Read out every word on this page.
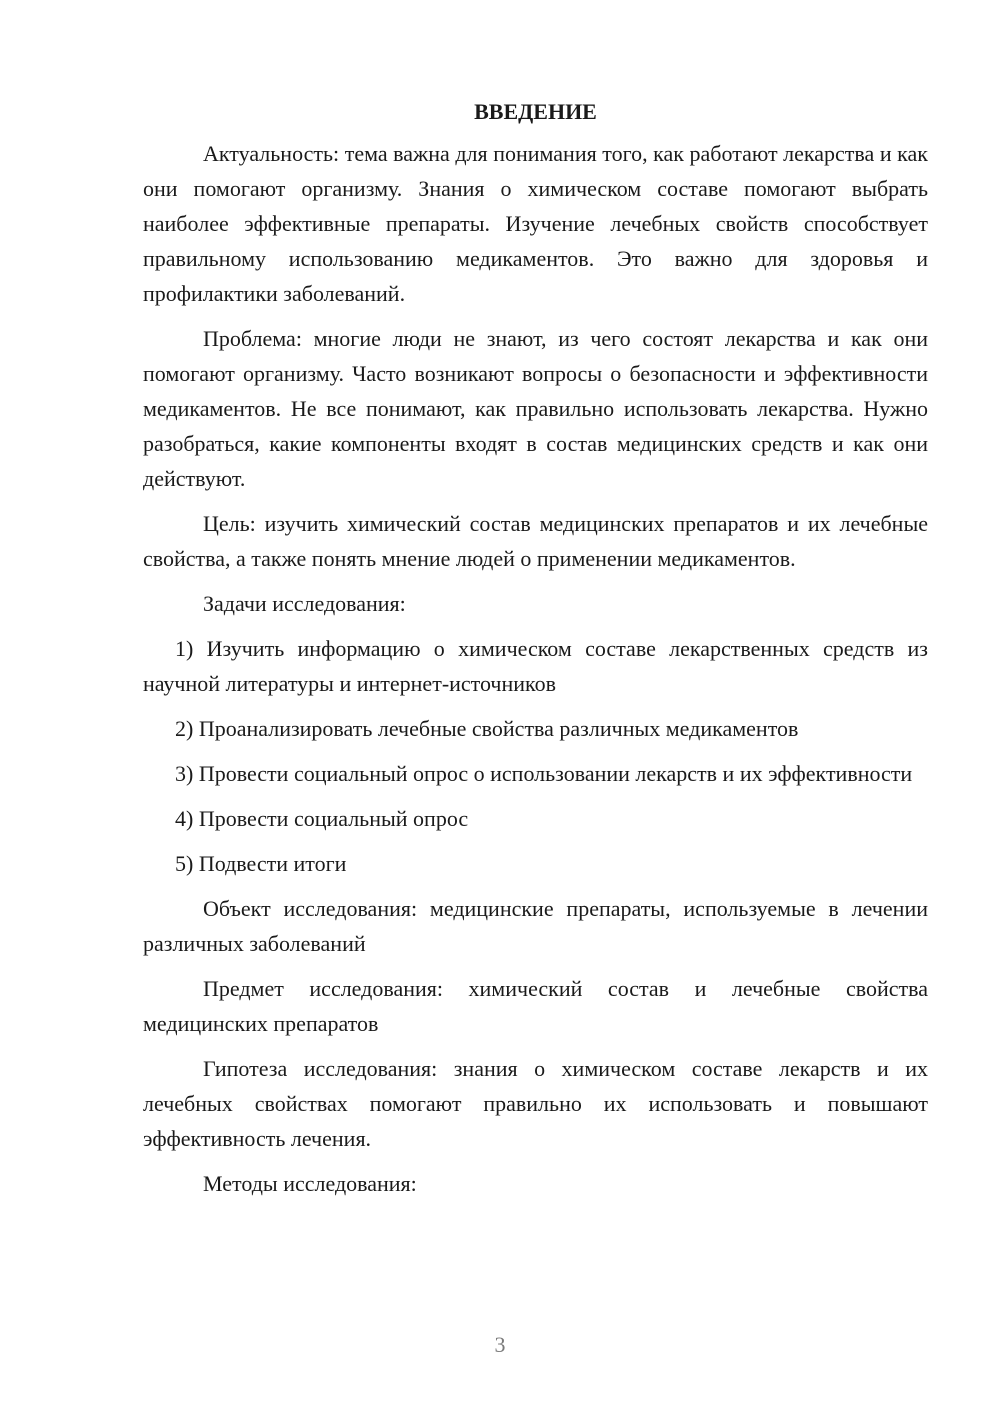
ВВЕДЕНИЕ

Актуальность: тема важна для понимания того, как работают лекарства и как они помогают организму. Знания о химическом составе помогают выбрать наиболее эффективные препараты. Изучение лечебных свойств способствует правильному использованию медикаментов. Это важно для здоровья и профилактики заболеваний.

Проблема: многие люди не знают, из чего состоят лекарства и как они помогают организму. Часто возникают вопросы о безопасности и эффективности медикаментов. Не все понимают, как правильно использовать лекарства. Нужно разобраться, какие компоненты входят в состав медицинских средств и как они действуют.

Цель: изучить химический состав медицинских препаратов и их лечебные свойства, а также понять мнение людей о применении медикаментов.

Задачи исследования:

1) Изучить информацию о химическом составе лекарственных средств из научной литературы и интернет-источников

2) Проанализировать лечебные свойства различных медикаментов

3) Провести социальный опрос о использовании лекарств и их эффективности

4) Провести социальный опрос

5) Подвести итоги

Объект исследования: медицинские препараты, используемые в лечении различных заболеваний

Предмет исследования: химический состав и лечебные свойства медицинских препаратов

Гипотеза исследования: знания о химическом составе лекарств и их лечебных свойствах помогают правильно их использовать и повышают эффективность лечения.

Методы исследования:

3
